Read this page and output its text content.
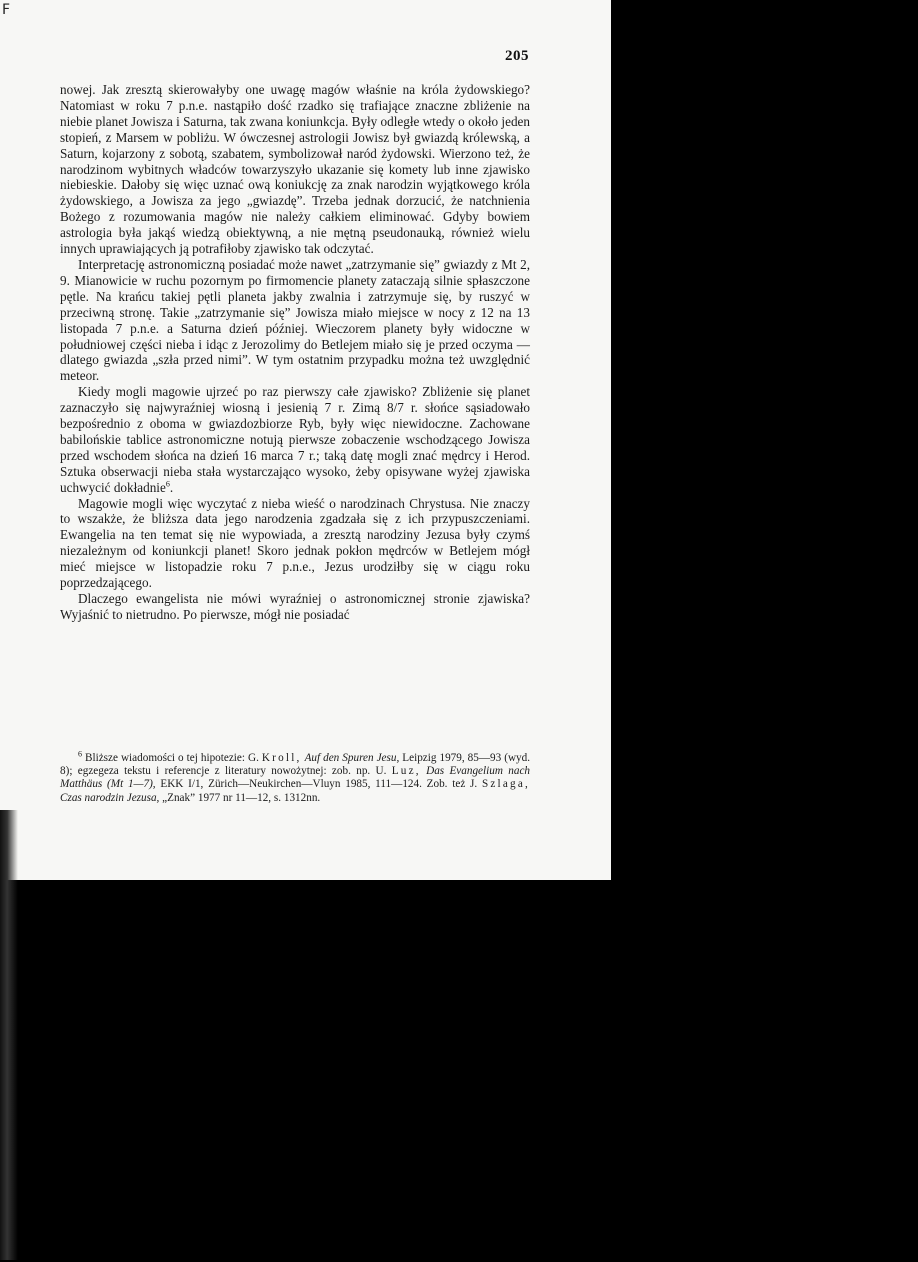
F
205

nowej. Jak zresztą skierowałyby one uwagę magów właśnie na króla żydowskiego? Natomiast w roku 7 p.n.e. nastąpiło dość rzadko się trafiające znaczne zbliżenie na niebie planet Jowisza i Saturna, tak zwana koniunkcja. Były odległe wtedy o około jeden stopień, z Marsem w pobliżu. W ówczesnej astrologii Jowisz był gwiazdą królewską, a Saturn, kojarzony z sobotą, szabatem, symbolizował naród żydowski. Wierzono też, że narodzinom wybitnych władców towarzyszyło ukazanie się komety lub inne zjawisko niebieskie. Dałoby się więc uznać ową koniukcję za znak narodzin wyjątkowego króla żydowskiego, a Jowisza za jego „gwiazdę”. Trzeba jednak dorzucić, że natchnienia Bożego z rozumowania magów nie należy całkiem eliminować. Gdyby bowiem astrologia była jakąś wiedzą obiektywną, a nie mętną pseudonauką, również wielu innych uprawiających ją potrafiłoby zjawisko tak odczytać.

Interpretację astronomiczną posiadać może nawet „zatrzymanie się” gwiazdy z Mt 2, 9. Mianowicie w ruchu pozornym po firmomencie planety zataczają silnie spłaszczone pętle. Na krańcu takiej pętli planeta jakby zwalnia i zatrzymuje się, by ruszyć w przeciwną stronę. Takie „zatrzymanie się” Jowisza miało miejsce w nocy z 12 na 13 listopada 7 p.n.e. a Saturna dzień później. Wieczorem planety były widoczne w południowej części nieba i idąc z Jerozolimy do Betlejem miało się je przed oczyma — dlatego gwiazda „szła przed nimi”. W tym ostatnim przypadku można też uwzględnić meteor.

Kiedy mogli magowie ujrzeć po raz pierwszy całe zjawisko? Zbliżenie się planet zaznaczyło się najwyraźniej wiosną i jesienią 7 r. Zimą 8/7 r. słońce sąsiadowało bezpośrednio z oboma w gwiazdozbiorze Ryb, były więc niewidoczne. Zachowane babilońskie tablice astronomiczne notują pierwsze zobaczenie wschodzącego Jowisza przed wschodem słońca na dzień 16 marca 7 r.; taką datę mogli znać mędrcy i Herod. Sztuka obserwacji nieba stała wystarczająco wysoko, żeby opisywane wyżej zjawiska uchwycić dokładnie$^6$.

Magowie mogli więc wyczytać z nieba wieść o narodzinach Chrystusa. Nie znaczy to wszakże, że bliższa data jego narodzenia zgadzała się z ich przypuszczeniami. Ewangelia na ten temat się nie wypowiada, a zresztą narodziny Jezusa były czymś niezależnym od koniunkcji planet! Skoro jednak pokłon mędrców w Betlejem mógł mieć miejsce w listopadzie roku 7 p.n.e., Jezus urodziłby się w ciągu roku poprzedzającego.

Dlaczego ewangelista nie mówi wyraźniej o astronomicznej stronie zjawiska? Wyjaśnić to nietrudno. Po pierwsze, mógł nie posiadać

$^6$ Bliższe wiadomości o tej hipotezie: G. Kroll, Auf den Spuren Jesu, Leipzig 1979, 85—93 (wyd. 8); egzegeza tekstu i referencje z literatury nowożytnej: zob. np. U. Luz, Das Evangelium nach Matthäus (Mt 1—7), EKK I/1, Zürich—Neukirchen—Vluyn 1985, 111—124. Zob. też J. Szlaga, Czas narodzin Jezusa, „Znak” 1977 nr 11—12, s. 1312nn.
